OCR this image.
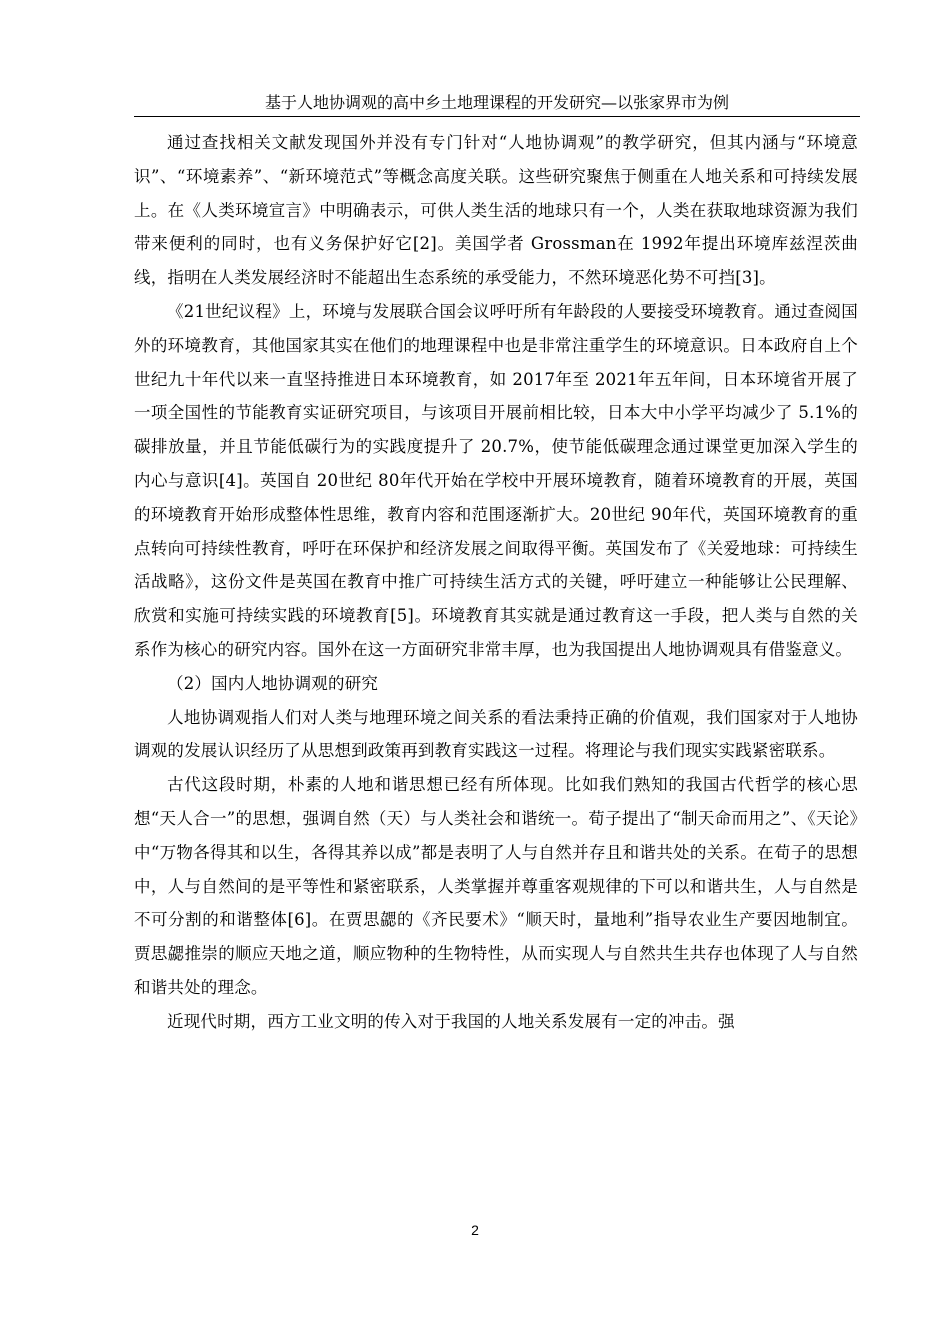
基于人地协调观的高中乡土地理课程的开发研究—以张家界市为例

通过查找相关文献发现国外并没有专门针对“人地协调观”的教学研究，但其内涵与“环境意识”、“环境素养”、“新环境范式”等概念高度关联。这些研究聚焦于侧重在人地关系和可持续发展上。在《人类环境宣言》中明确表示，可供人类生活的地球只有一个，人类在获取地球资源为我们带来便利的同时，也有义务保护好它[2]。美国学者 Grossman在 1992年提出环境库兹涅茨曲线，指明在人类发展经济时不能超出生态系统的承受能力，不然环境恶化势不可挡[3]。

《21世纪议程》上，环境与发展联合国会议呼吁所有年龄段的人要接受环境教育。通过查阅国外的环境教育，其他国家其实在他们的地理课程中也是非常注重学生的环境意识。日本政府自上个世纪九十年代以来一直坚持推进日本环境教育，如 2017年至 2021年五年间，日本环境省开展了一项全国性的节能教育实证研究项目，与该项目开展前相比较，日本大中小学平均减少了 5.1%的碳排放量，并且节能低碳行为的实践度提升了 20.7%，使节能低碳理念通过课堂更加深入学生的内心与意识[4]。英国自 20世纪 80年代开始在学校中开展环境教育，随着环境教育的开展，英国的环境教育开始形成整体性思维，教育内容和范围逐渐扩大。20世纪 90年代，英国环境教育的重点转向可持续性教育，呼吁在环保护和经济发展之间取得平衡。英国发布了《关爱地球：可持续生活战略》，这份文件是英国在教育中推广可持续生活方式的关键，呼吁建立一种能够让公民理解、欣赏和实施可持续实践的环境教育[5]。环境教育其实就是通过教育这一手段，把人类与自然的关系作为核心的研究内容。国外在这一方面研究非常丰厚，也为我国提出人地协调观具有借鉴意义。

（2）国内人地协调观的研究

人地协调观指人们对人类与地理环境之间关系的看法秉持正确的价值观，我们国家对于人地协调观的发展认识经历了从思想到政策再到教育实践这一过程。将理论与我们现实实践紧密联系。

古代这段时期，朴素的人地和谐思想已经有所体现。比如我们熟知的我国古代哲学的核心思想“天人合一”的思想，强调自然（天）与人类社会和谐统一。荀子提出了“制天命而用之”、《天论》中“万物各得其和以生，各得其养以成”都是表明了人与自然并存且和谐共处的关系。在荀子的思想中，人与自然间的是平等性和紧密联系，人类掌握并尊重客观规律的下可以和谐共生，人与自然是不可分割的和谐整体[6]。在贾思勰的《齐民要术》“顺天时，量地利”指导农业生产要因地制宜。贾思勰推崇的顺应天地之道，顺应物种的生物特性，从而实现人与自然共生共存也体现了人与自然和谐共处的理念。

近现代时期，西方工业文明的传入对于我国的人地关系发展有一定的冲击。强

2
